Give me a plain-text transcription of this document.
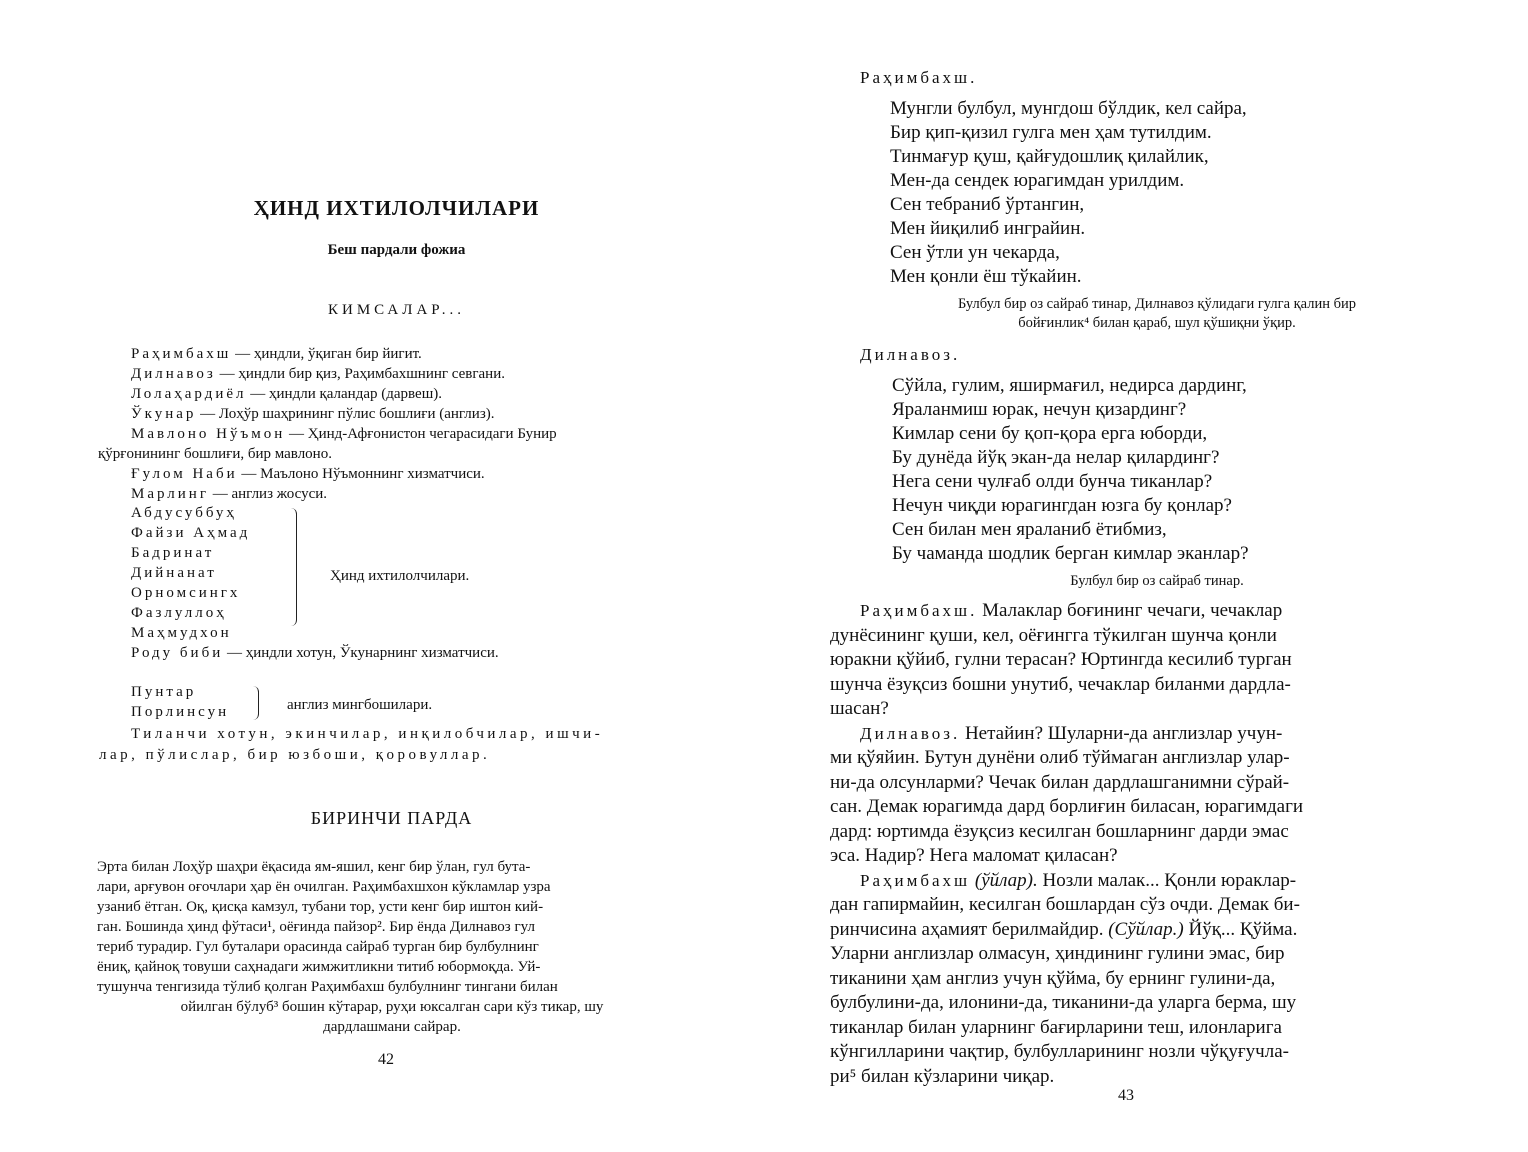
ҲИНД ИХТИЛОЛЧИЛАРИ
Беш пардали фожиа
КИМСАЛАР...
Раҳимбахш — ҳиндли, ўқиган бир йигит.
Дилнавоз — ҳиндли бир қиз, Раҳимбахшнинг севгани.
Лолаҳардиёл — ҳиндли қаландар (дарвеш).
Ўкунар — Лоҳўр шаҳрининг пўлис бошлиғи (англиз).
Мавлоно Нўъмон — Ҳинд-Афғонистон чегарасидаги Бунир
қўрғонининг бошлиғи, бир мавлоно.
Ғулом Наби — Маълоно Нўъмоннинг хизматчиси.
Марлинг — англиз жосуси.
Абдусуббуҳ
Файзи Аҳмад
Бадринат
Дийнанат
Орномсингх
Фазлуллоҳ
Маҳмудхон
Ҳинд ихтилолчилари.
Роду биби — ҳиндли хотун, Ўкунарнинг хизматчиси.
Пунтар
Порлинсун	англиз мингбошилари.
Тиланчи хотун, экинчилар, инқилобчилар, ишчи-
лар, пўлислар, бир юзбоши, қоровуллар.
БИРИНЧИ ПАРДА
Эрта билан Лоҳўр шаҳри ёқасида ям-яшил, кенг бир ўлан, гул бута-
лари, арғувон оғочлари ҳар ён очилган. Раҳимбахшхон кўкламлар узра
узаниб ётган. Оқ, қисқа камзул, тубани тор, усти кенг бир иштон кий-
ган. Бошинда ҳинд фўтаси¹, оёғинда пайзор². Бир ёнда Дилнавоз гул
териб турадир. Гул буталари орасинда сайраб турган бир булбулнинг
ёниқ, қайноқ товуши саҳнадаги жимжитликни титиб юбормоқда. Уй-
тушунча тенгизида тўлиб қолган Раҳимбахш булбулнинг тингани билан
ойилган бўлуб³ бошин кўтарар, руҳи юксалган сари кўз тикар, шу
дардлашмани сайрар.
42
Раҳимбахш.
Мунгли булбул, мунгдош бўлдик, кел сайра,
Бир қип-қизил гулга мен ҳам тутилдим.
Тинмағур қуш, қайғудошлиқ қилайлик,
Мен-да сендек юрагимдан урилдим.
Сен тебраниб ўртангин,
Мен йиқилиб инграйин.
Сен ўтли ун чекарда,
Мен қонли ёш тўкайин.
Булбул бир оз сайраб тинар, Дилнавоз қўлидаги гулга қалин бир
бойғинлик⁴ билан қараб, шул қўшиқни ўқир.
Дилнавоз.
Сўйла, гулим, яширмағил, недирса дардинг,
Яраланмиш юрак, нечун қизардинг?
Кимлар сени бу қоп-қора ерга юборди,
Бу дунёда йўқ экан-да нелар қилардинг?
Нега сени чулғаб олди бунча тиканлар?
Нечун чиқди юрагингдан юзга бу қонлар?
Сен билан мен яраланиб ётибмиз,
Бу чаманда шодлик берган кимлар эканлар?
Булбул бир оз сайраб тинар.
Раҳимбахш. Малаклар боғининг чечаги, чечаклар
дунёсининг қуши, кел, оёғингга тўкилган шунча қонли
юракни қўйиб, гулни терасан? Юртингда кесилиб турган
шунча ёзуқсиз бошни унутиб, чечаклар биланми дардла-
шасан?
Дилнавоз. Нетайин? Шуларни-да англизлар учун-
ми қўяйин. Бутун дунёни олиб тўймаган англизлар улар-
ни-да олсунларми? Чечак билан дардлашганимни сўрай-
сан. Демак юрагимда дард борлиғин биласан, юрагимдаги
дард: юртимда ёзуқсиз кесилган бошларнинг дарди эмас
эса. Надир? Нега маломат қиласан?
Раҳимбахш (ўйлар). Нозли малак... Қонли юраклар-
дан гапирмайин, кесилган бошлардан сўз очди. Демак би-
ринчисина аҳамият берилмайдир. (Сўйлар.) Йўқ... Қўйма.
Уларни англизлар олмасун, ҳиндининг гулини эмас, бир
тиканини ҳам англиз учун қўйма, бу ернинг гулини-да,
булбулини-да, илонини-да, тиканини-да уларга берма, шу
тиканлар билан уларнинг бағирларини теш, илонларига
кўнгилларини чақтир, булбулларининг нозли чўқуғучла-
ри⁵ билан кўзларини чиқар.
43
